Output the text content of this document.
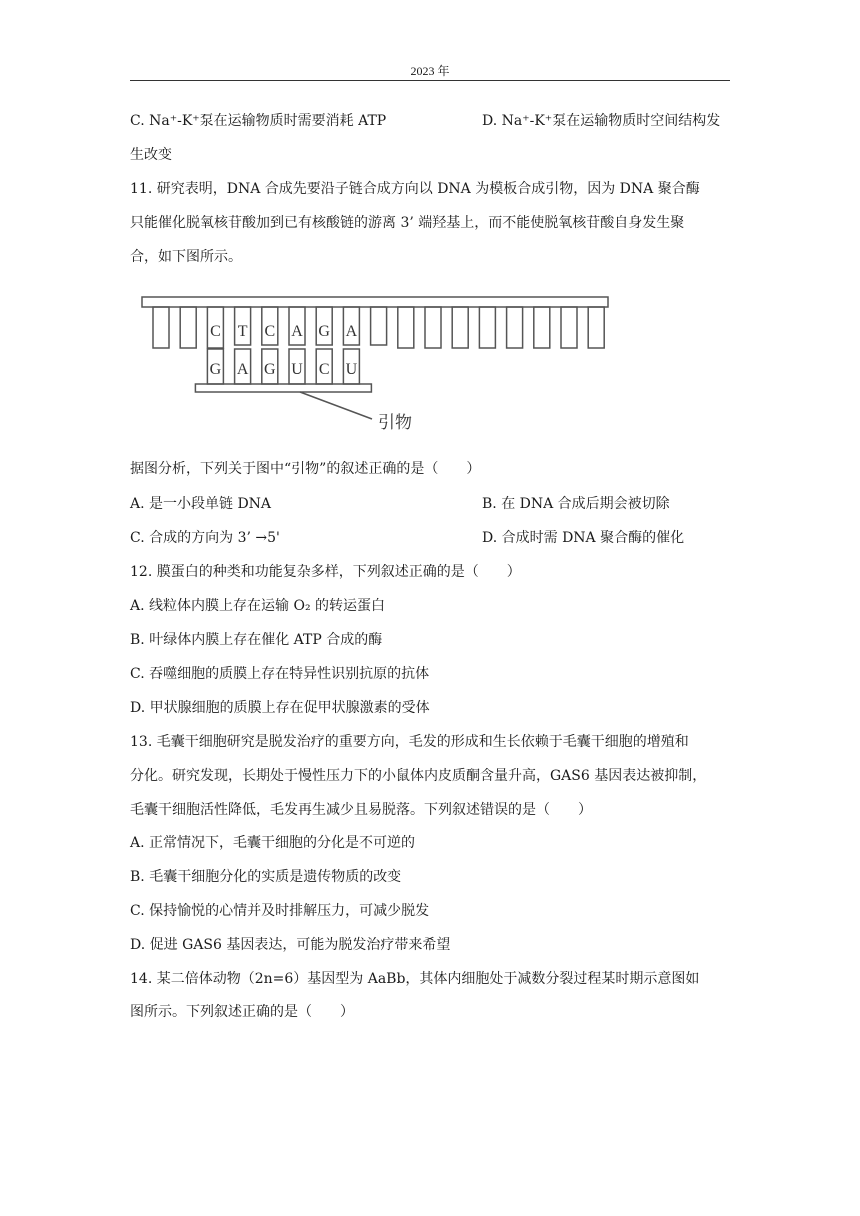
2023 年
C. Na⁺-K⁺泵在运输物质时需要消耗 ATP	D. Na⁺-K⁺泵在运输物质时空间结构发
生改变
11. 研究表明，DNA 合成先要沿子链合成方向以 DNA 为模板合成引物，因为 DNA 聚合酶
只能催化脱氧核苷酸加到已有核酸链的游离 3’ 端羟基上，而不能使脱氧核苷酸自身发生聚
合，如下图所示。
C T C A G A
G A G U C U
引物
据图分析，下列关于图中“引物”的叙述正确的是（　　）
A. 是一小段单链 DNA	B. 在 DNA 合成后期会被切除
C. 合成的方向为 3’ →5'	D. 合成时需 DNA 聚合酶的催化
12. 膜蛋白的种类和功能复杂多样，下列叙述正确的是（　　）
A. 线粒体内膜上存在运输 O₂ 的转运蛋白
B. 叶绿体内膜上存在催化 ATP 合成的酶
C. 吞噬细胞的质膜上存在特异性识别抗原的抗体
D. 甲状腺细胞的质膜上存在促甲状腺激素的受体
13. 毛囊干细胞研究是脱发治疗的重要方向，毛发的形成和生长依赖于毛囊干细胞的增殖和
分化。研究发现，长期处于慢性压力下的小鼠体内皮质酮含量升高，GAS6 基因表达被抑制，
毛囊干细胞活性降低，毛发再生减少且易脱落。下列叙述错误的是（　　）
A. 正常情况下，毛囊干细胞的分化是不可逆的
B. 毛囊干细胞分化的实质是遗传物质的改变
C. 保持愉悦的心情并及时排解压力，可减少脱发
D. 促进 GAS6 基因表达，可能为脱发治疗带来希望
14. 某二倍体动物（2n=6）基因型为 AaBb，其体内细胞处于减数分裂过程某时期示意图如
图所示。下列叙述正确的是（　　）
